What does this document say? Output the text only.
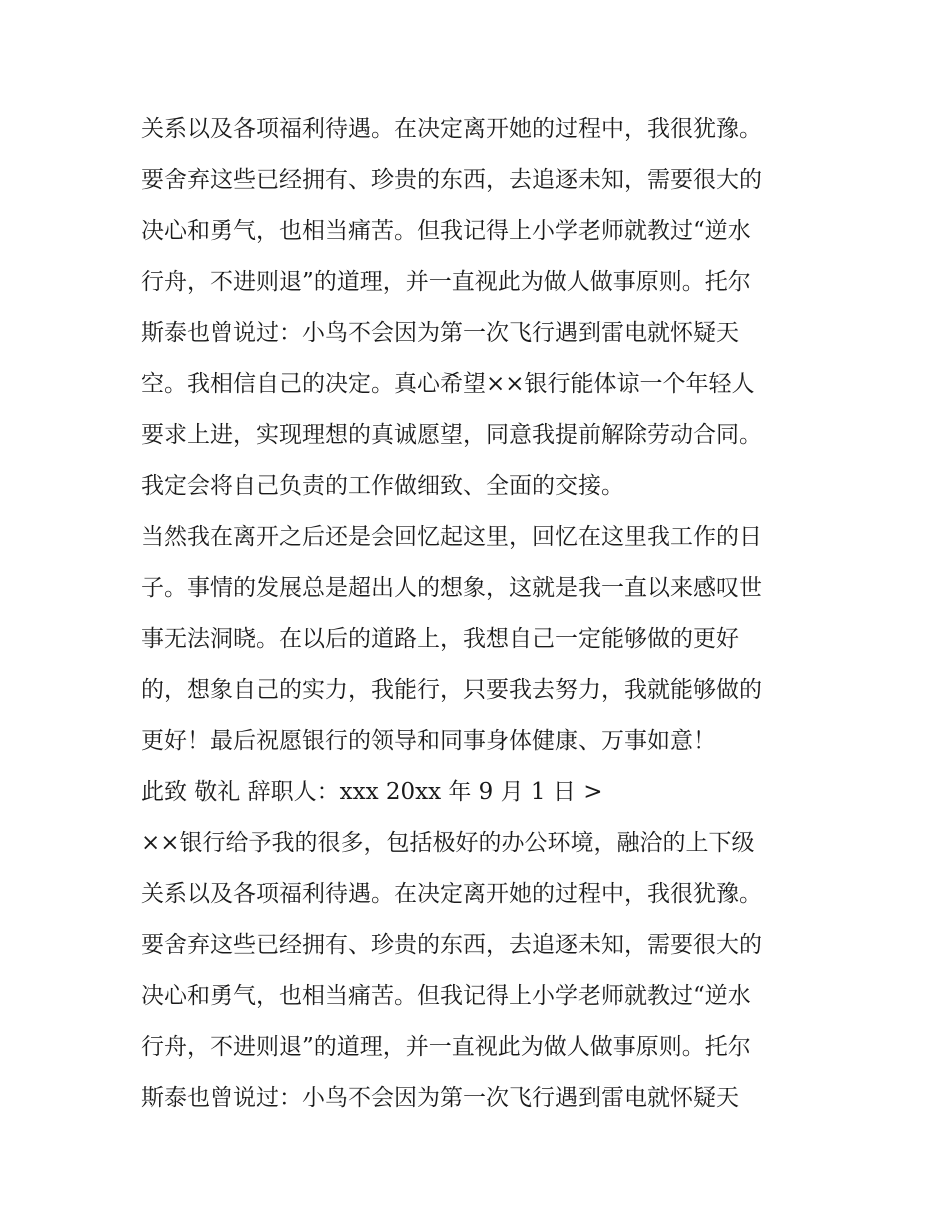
关系以及各项福利待遇。在决定离开她的过程中，我很犹豫。
要舍弃这些已经拥有、珍贵的东西，去追逐未知，需要很大的
决心和勇气，也相当痛苦。但我记得上小学老师就教过“逆水
行舟，不进则退”的道理，并一直视此为做人做事原则。托尔
斯泰也曾说过：小鸟不会因为第一次飞行遇到雷电就怀疑天
空。我相信自己的决定。真心希望××银行能体谅一个年轻人
要求上进，实现理想的真诚愿望，同意我提前解除劳动合同。
我定会将自己负责的工作做细致、全面的交接。
当然我在离开之后还是会回忆起这里，回忆在这里我工作的日
子。事情的发展总是超出人的想象，这就是我一直以来感叹世
事无法洞晓。在以后的道路上，我想自己一定能够做的更好
的，想象自己的实力，我能行，只要我去努力，我就能够做的
更好！最后祝愿银行的领导和同事身体健康、万事如意！
此致 敬礼 辞职人：xxx 20xx 年 9 月 1 日 >
××银行给予我的很多，包括极好的办公环境，融洽的上下级
关系以及各项福利待遇。在决定离开她的过程中，我很犹豫。
要舍弃这些已经拥有、珍贵的东西，去追逐未知，需要很大的
决心和勇气，也相当痛苦。但我记得上小学老师就教过“逆水
行舟，不进则退”的道理，并一直视此为做人做事原则。托尔
斯泰也曾说过：小鸟不会因为第一次飞行遇到雷电就怀疑天
